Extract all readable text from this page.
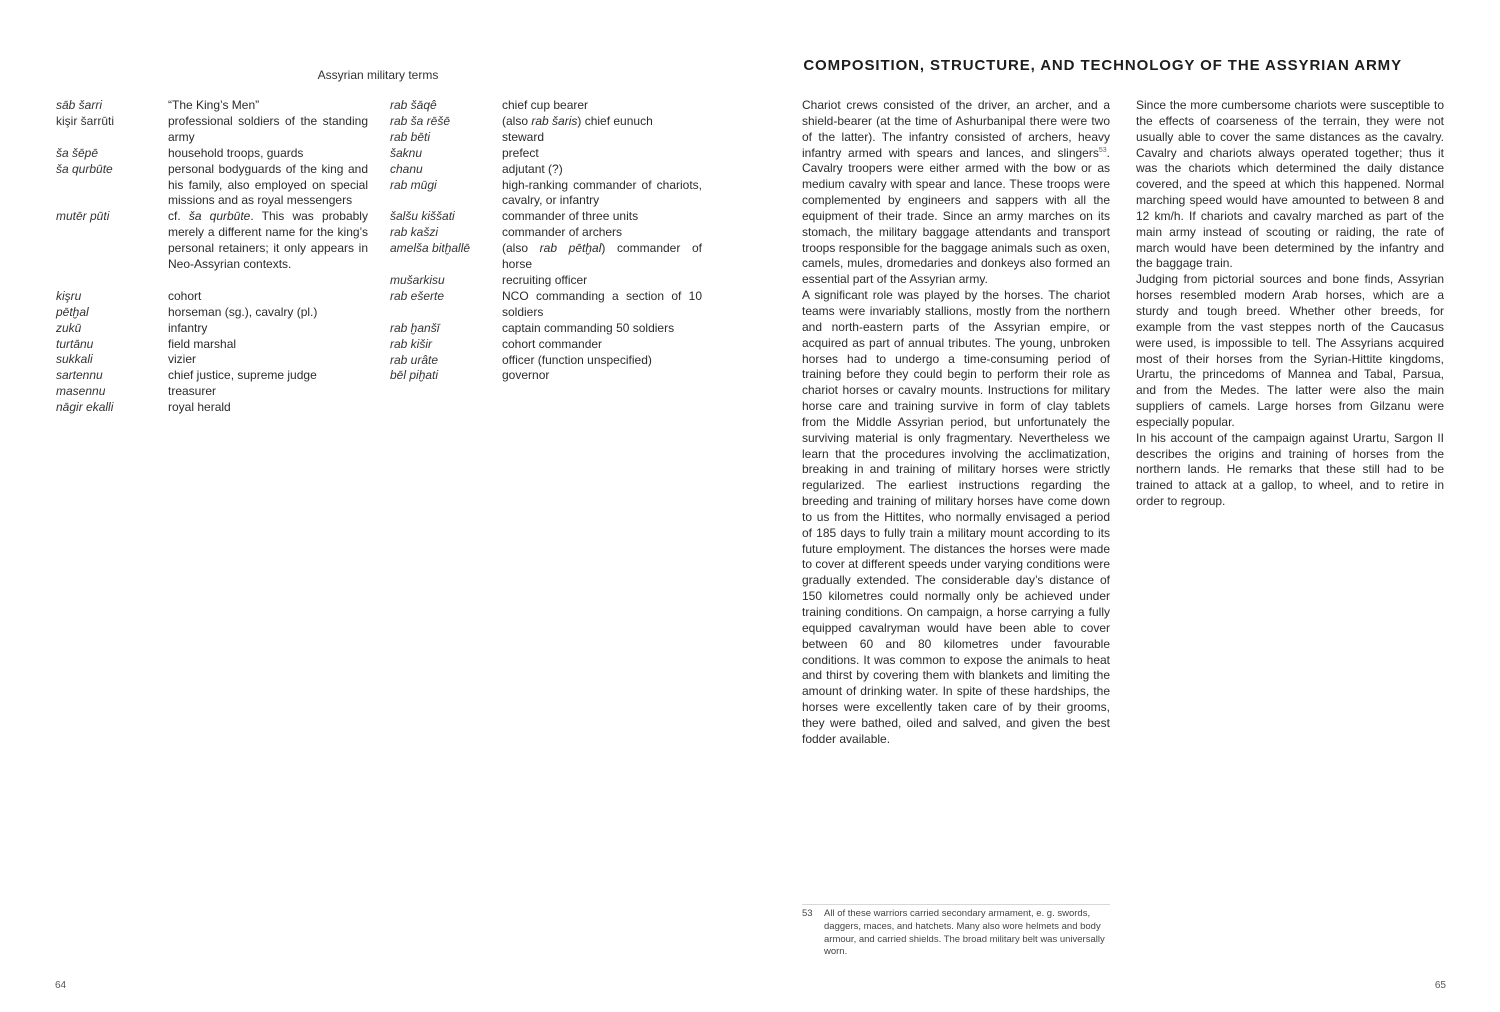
Assyrian military terms
sāb šarri	“The King’s Men”
kişir šarrūti	professional soldiers of the standing army
ša šēpē	household troops, guards
ša qurbūte	personal bodyguards of the king and his family, also employed on special missions and as royal messengers
mutēr pūti	cf. ša qurbūte. This was probably merely a different name for the king’s personal retainers; it only appears in Neo-Assyrian contexts.
kişru	cohort
pētḫal	horseman (sg.), cavalry (pl.)
zukū	infantry
turtānu	field marshal
sukkali	vizier
sartennu	chief justice, supreme judge
masennu	treasurer
nāgir ekalli	royal herald
rab šāqê	chief cup bearer
rab ša rēšē	(also rab šaris) chief eunuch
rab bēti	steward
šaknu	prefect
chanu	adjutant (?)
rab mūgi	high-ranking commander of chariots, cavalry, or infantry
šalšu kiššati	commander of three units
rab kašzi	commander of archers
amelša bitḫallē	(also rab pētḫal) commander of horse
mušarkisu	recruiting officer
rab ešerte	NCO commanding a section of 10 soldiers
rab ḫanšī	captain commanding 50 soldiers
rab kišir	cohort commander
rab urâte	officer (function unspecified)
bēl piḫati	governor
64
COMPOSITION, STRUCTURE, AND TECHNOLOGY OF THE ASSYRIAN ARMY

Chariot crews consisted of the driver, an archer, and a shield-bearer (at the time of Ashurbanipal there were two of the latter). The infantry consisted of archers, heavy infantry armed with spears and lances, and slingers$^{53}$. Cavalry troopers were either armed with the bow or as medium cavalry with spear and lance. These troops were complemented by engineers and sappers with all the equipment of their trade. Since an army marches on its stomach, the military baggage attendants and transport troops responsible for the baggage animals such as oxen, camels, mules, dromedaries and donkeys also formed an essential part of the Assyrian army.

A significant role was played by the horses. The chariot teams were invariably stallions, mostly from the northern and north-eastern parts of the Assyrian empire, or acquired as part of annual tributes. The young, unbroken horses had to undergo a time-consuming period of training before they could begin to perform their role as chariot horses or cavalry mounts. Instructions for military horse care and training survive in form of clay tablets from the Middle Assyrian period, but unfortunately the surviving material is only fragmentary. Nevertheless we learn that the procedures involving the acclimatization, breaking in and training of military horses were strictly regularized. The earliest instructions regarding the breeding and training of military horses have come down to us from the Hittites, who normally envisaged a period of 185 days to fully train a military mount according to its future employment. The distances the horses were made to cover at different speeds under varying conditions were gradually extended. The considerable day’s distance of 150 kilometres could normally only be achieved under training conditions. On campaign, a horse carrying a fully equipped cavalryman would have been able to cover between 60 and 80 kilometres under favourable conditions. It was common to expose the animals to heat and thirst by covering them with blankets and limiting the amount of drinking water. In spite of these hardships, the horses were excellently taken care of by their grooms, they were bathed, oiled and salved, and given the best fodder available.

Since the more cumbersome chariots were susceptible to the effects of coarseness of the terrain, they were not usually able to cover the same distances as the cavalry. Cavalry and chariots always operated together; thus it was the chariots which determined the daily distance covered, and the speed at which this happened. Normal marching speed would have amounted to between 8 and 12 km/h. If chariots and cavalry marched as part of the main army instead of scouting or raiding, the rate of march would have been determined by the infantry and the baggage train.

Judging from pictorial sources and bone finds, Assyrian horses resembled modern Arab horses, which are a sturdy and tough breed. Whether other breeds, for example from the vast steppes north of the Caucasus were used, is impossible to tell. The Assyrians acquired most of their horses from the Syrian-Hittite kingdoms, Urartu, the princedoms of Mannea and Tabal, Parsua, and from the Medes. The latter were also the main suppliers of camels. Large horses from Gilzanu were especially popular.

In his account of the campaign against Urartu, Sargon II describes the origins and training of horses from the northern lands. He remarks that these still had to be trained to attack at a gallop, to wheel, and to retire in order to regroup.

53	All of these warriors carried secondary armament, e. g. swords, daggers, maces, and hatchets. Many also wore helmets and body armour, and carried shields. The broad military belt was universally worn.
65
